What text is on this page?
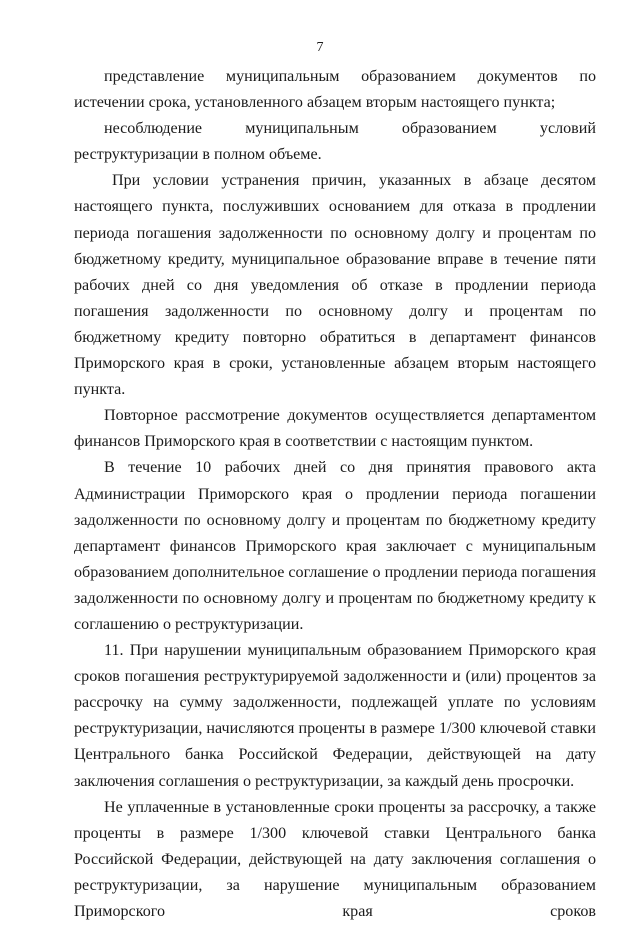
7

представление муниципальным образованием документов по истечении срока, установленного абзацем вторым настоящего пункта;

несоблюдение муниципальным образованием условий реструктуризации в полном объеме.

При условии устранения причин, указанных в абзаце десятом настоящего пункта, послуживших основанием для отказа в продлении периода погашения задолженности по основному долгу и процентам по бюджетному кредиту, муниципальное образование вправе в течение пяти рабочих дней со дня уведомления об отказе в продлении периода погашения задолженности по основному долгу и процентам по бюджетному кредиту повторно обратиться в департамент финансов Приморского края в сроки, установленные абзацем вторым настоящего пункта.

Повторное рассмотрение документов осуществляется департаментом финансов Приморского края в соответствии с настоящим пунктом.

В течение 10 рабочих дней со дня принятия правового акта Администрации Приморского края о продлении периода погашении задолженности по основному долгу и процентам по бюджетному кредиту департамент финансов Приморского края заключает с муниципальным образованием дополнительное соглашение о продлении периода погашения задолженности по основному долгу и процентам по бюджетному кредиту к соглашению о реструктуризации.

11. При нарушении муниципальным образованием Приморского края сроков погашения реструктурируемой задолженности и (или) процентов за рассрочку на сумму задолженности, подлежащей уплате по условиям реструктуризации, начисляются проценты в размере 1/300 ключевой ставки Центрального банка Российской Федерации, действующей на дату заключения соглашения о реструктуризации, за каждый день просрочки.

Не уплаченные в установленные сроки проценты за рассрочку, а также проценты в размере 1/300 ключевой ставки Центрального банка Российской Федерации, действующей на дату заключения соглашения о реструктуризации, за нарушение муниципальным образованием Приморского края сроков
